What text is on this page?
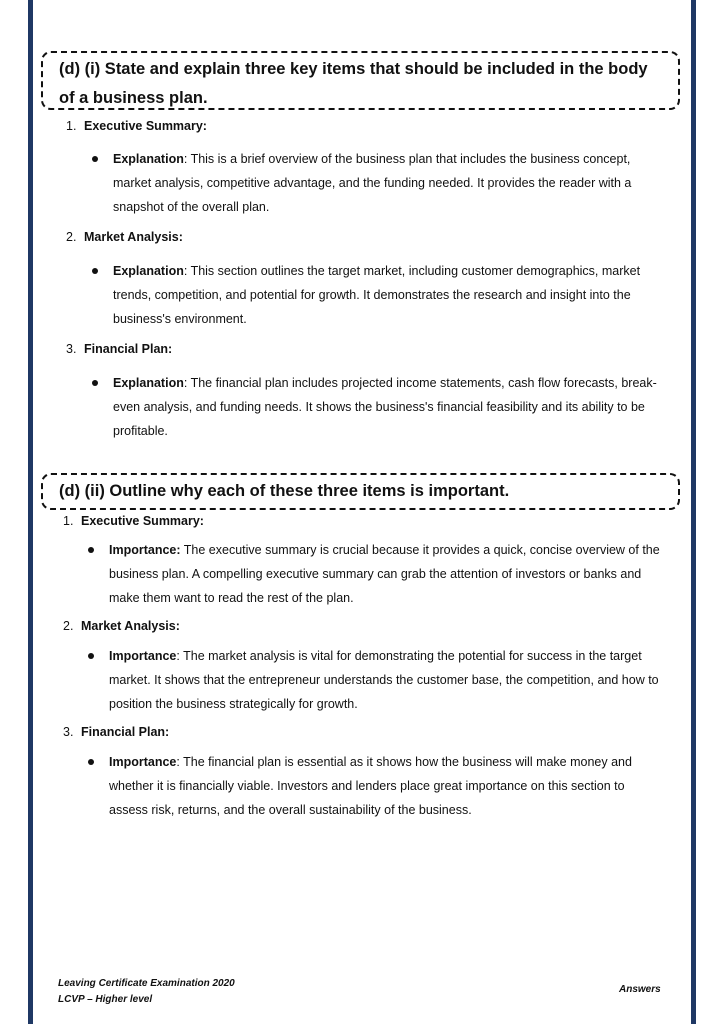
(d) (i) State and explain three key items that should be included in the body of a business plan.
1. Executive Summary:
Explanation: This is a brief overview of the business plan that includes the business concept, market analysis, competitive advantage, and the funding needed. It provides the reader with a snapshot of the overall plan.
2. Market Analysis:
Explanation: This section outlines the target market, including customer demographics, market trends, competition, and potential for growth. It demonstrates the research and insight into the business's environment.
3. Financial Plan:
Explanation: The financial plan includes projected income statements, cash flow forecasts, break-even analysis, and funding needs. It shows the business's financial feasibility and its ability to be profitable.
(d) (ii) Outline why each of these three items is important.
1. Executive Summary:
Importance: The executive summary is crucial because it provides a quick, concise overview of the business plan. A compelling executive summary can grab the attention of investors or banks and make them want to read the rest of the plan.
2. Market Analysis:
Importance: The market analysis is vital for demonstrating the potential for success in the target market. It shows that the entrepreneur understands the customer base, the competition, and how to position the business strategically for growth.
3. Financial Plan:
Importance: The financial plan is essential as it shows how the business will make money and whether it is financially viable. Investors and lenders place great importance on this section to assess risk, returns, and the overall sustainability of the business.
Leaving Certificate Examination 2020
LCVP – Higher level
Answers
